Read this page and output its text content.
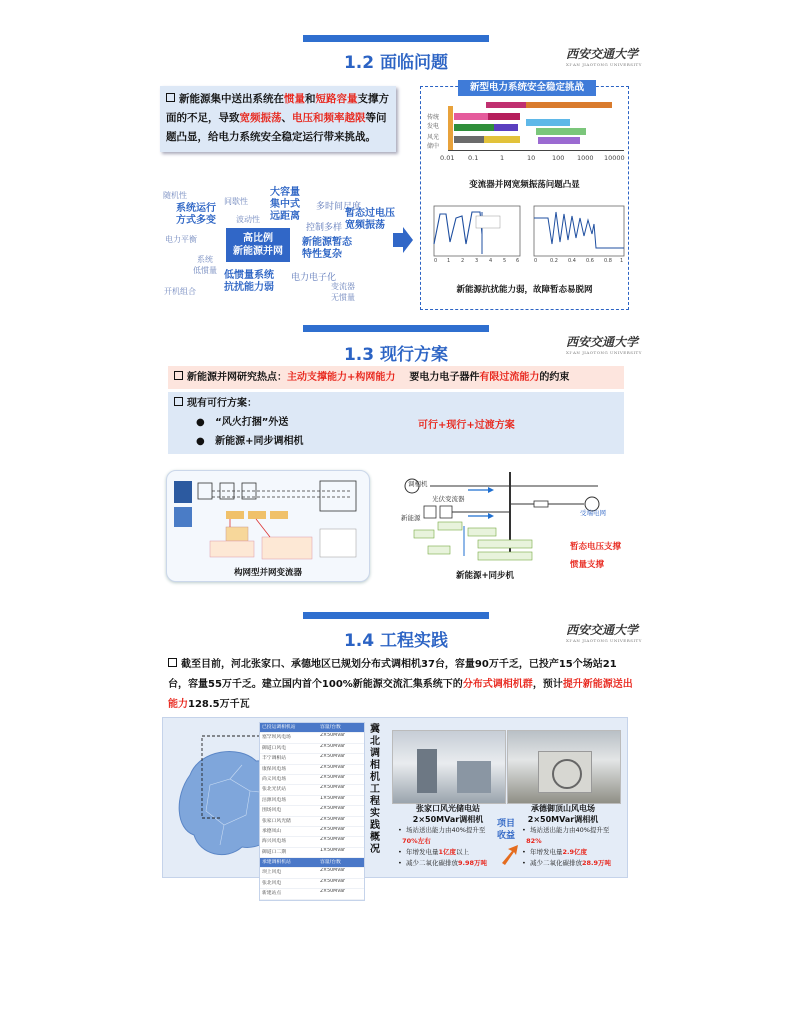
1.2 面临问题	西安交通大学
XI'AN JIAOTONG UNIVERSITY
新能源集中送出系统在惯量和短路容量支撑方面的不足，导致宽频振荡、电压和频率越限等问题凸显，给电力系统安全稳定运行带来挑战。
随机性
间歇性
大容量
集中式
远距离
多时间尺度
系统运行
方式多变	波动性
控制多样
暂态过电压
宽频振荡
电力平衡	高比例
新能源并网
新能源暂态
特性复杂
系统
低惯量 低惯量系统
抗扰能力弱
电力电子化
开机组合
变流器
无惯量
新型电力系统安全稳定挑战
传统
发电
风光
储中
0.01 0.1	1	10	100 1000 10000
变流器并网宽频振荡问题凸显
0 1 2 3 4 5 6	0	0.2 0.4 0.6 0.8 1
新能源抗扰能力弱，故障暂态易脱网
1.3 现行方案
西安交通大学
XI'AN JIAOTONG UNIVERSITY
新能源并网研究热点：主动支撑能力+构网能力 要电力电子器件有限过流能力的约束
现有可行方案：
●   “风火打捆”外送
●   新能源+同步调相机
可行+现行+过渡方案
构网型并网变流器
调相机
光伏变流器
新能源
受端电网
新能源+同步机
暂态电压支撑
惯量支撑
1.4 工程实践
西安交通大学
XI'AN JIAOTONG UNIVERSITY
截至目前，河北张家口、承德地区已规划分布式调相机37台，容量90万千乏，已投产15个场站21台，容量55万千乏。建立国内首个100%新能源交流汇集系统下的分布式调相机群，预计提升新能源送出能力128.5万千瓦
已投运调相机站	容量/台数
塞罕坝风电场	2×50Mvar
御道口风电	2×50Mvar
丰宁调相站	2×50Mvar
康保风电场	2×50Mvar
尚义风电场	2×50Mvar
张北光伏站	2×50Mvar
沽源风电场	1×50Mvar
围场风电	2×50Mvar
张家口风光储	2×50Mvar
承德凤山	2×50Mvar
海兴风电场	2×50Mvar
御道口二期	1×50Mvar
承建调相机站	容量/台数
坝上风电	2×50Mvar
张北风电	2×50Mvar
新建站点	2×50Mvar
冀北调相机工程实践概况
张家口风光储电站
2×50MVar调相机
承德御顶山风电场
2×50MVar调相机
•  场站送出能力由40%提升至
70%左右
•  年增发电量1亿度以上
•  减少二氧化碳排放9.98万吨
项目
收益
•  场站送出能力由40%提升至
82%
•  年增发电量2.9亿度
•  减少二氧化碳排放28.9万吨
